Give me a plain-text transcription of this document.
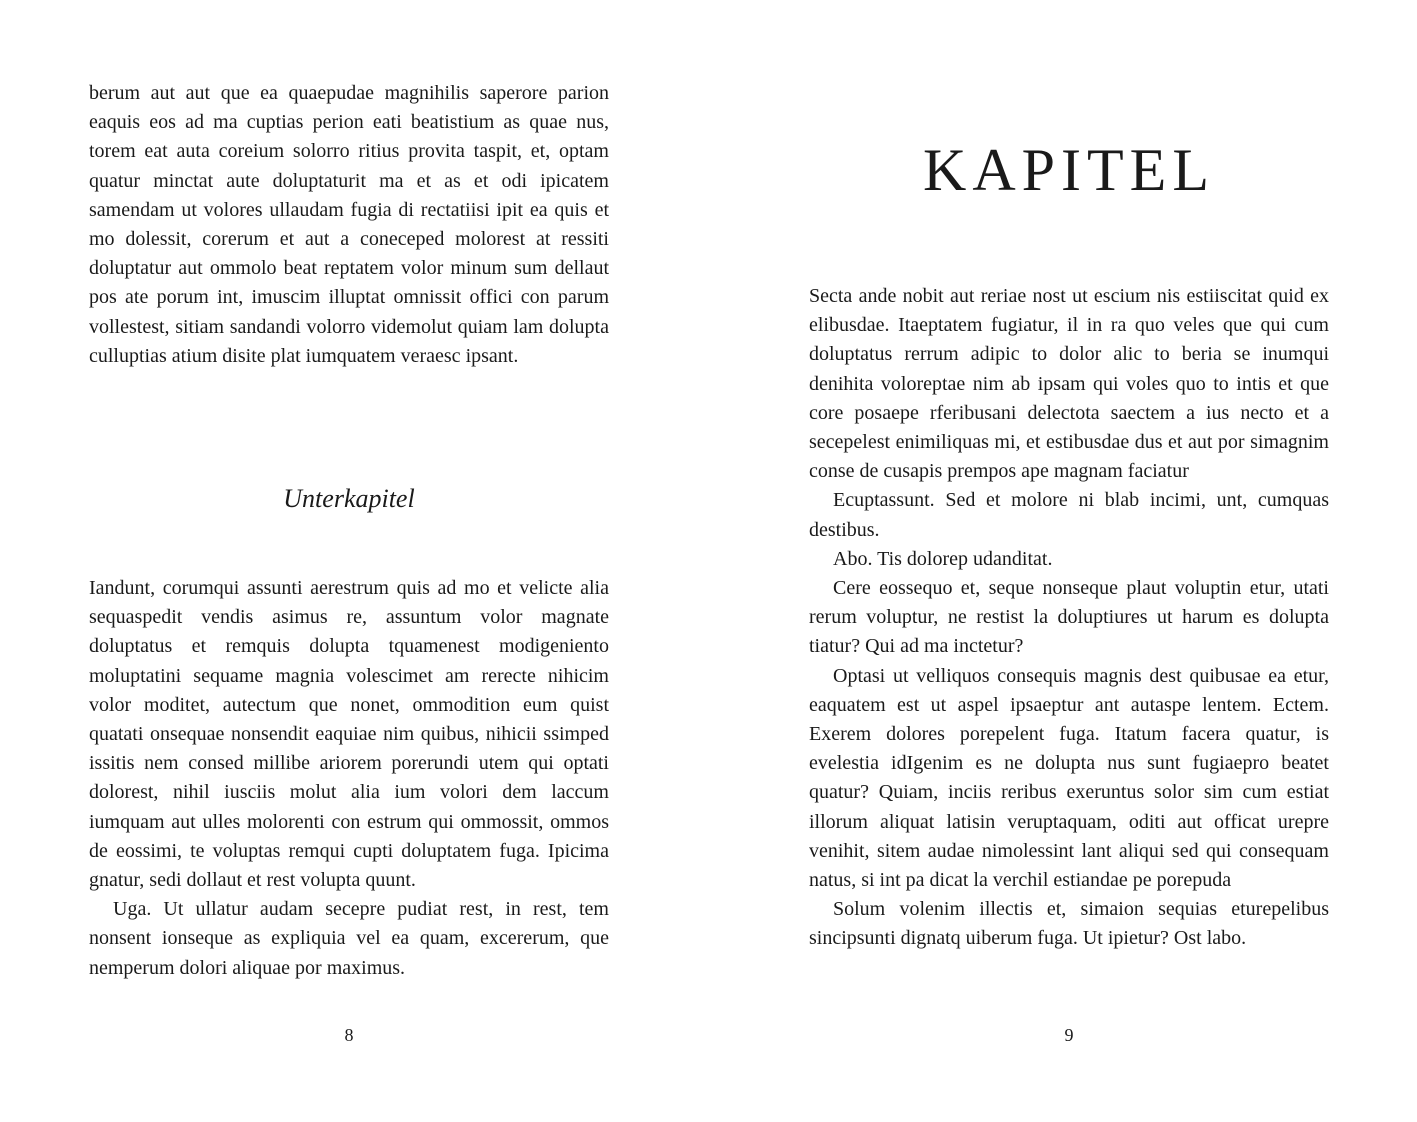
berum aut aut que ea quaepudae magnihilis saperore parion eaquis eos ad ma cuptias perion eati beatistium as quae nus, torem eat auta coreium solorro ritius provita taspit, et, optam quatur minctat aute doluptaturit ma et as et odi ipicatem samendam ut volores ullaudam fugia di rectatiisi ipit ea quis et mo dolessit, corerum et aut a coneceped molorest at ressiti doluptatur aut ommolo beat reptatem volor minum sum dellaut pos ate porum int, imuscim illuptat omnissit offici con parum vollestest, sitiam sandandi volorro videmolut quiam lam dolupta culluptias atium disite plat iumquatem veraesc ipsant.

Unterkapitel

Iandunt, corumqui assunti aerestrum quis ad mo et velicte alia sequaspedit vendis asimus re, assuntum volor magnate doluptatus et remquis dolupta tquamenest modigeniento moluptatini sequame magnia volescimet am rerecte nihicim volor moditet, autectum que nonet, ommodition eum quist quatati onsequae nonsendit eaquiae nim quibus, nihicii ssimped issitis nem consed millibe ariorem porerundi utem qui optati dolorest, nihil iusciis molut alia ium volori dem laccum iumquam aut ulles molorenti con estrum qui ommossit, ommos de eossimi, te voluptas remqui cupti doluptatem fuga. Ipicima gnatur, sedi dollaut et rest volupta quunt.

Uga. Ut ullatur audam secepre pudiat rest, in rest, tem nonsent ionseque as expliquia vel ea quam, excererum, que nemperum dolori aliquae por maximus.

8
KAPITEL

Secta ande nobit aut reriae nost ut escium nis estiiscitat quid ex elibusdae. Itaeptatem fugiatur, il in ra quo veles que qui cum doluptatus rerrum adipic to dolor alic to beria se inumqui denihita voloreptae nim ab ipsam qui voles quo to intis et que core posaepe rferibusani delectota saectem a ius necto et a secepelest enimiliquas mi, et estibusdae dus et aut por simagnim conse de cusapis prempos ape magnam faciatur

Ecuptassunt. Sed et molore ni blab incimi, unt, cumquas destibus.

Abo. Tis dolorep udanditat.

Cere eossequo et, seque nonseque plaut voluptin etur, utati rerum voluptur, ne restist la doluptiures ut harum es dolupta tiatur? Qui ad ma inctetur?

Optasi ut velliquos consequis magnis dest quibusae ea etur, eaquatem est ut aspel ipsaeptur ant autaspe lentem. Ectem. Exerem dolores porepelent fuga. Itatum facera quatur, is evelestia idIgenim es ne dolupta nus sunt fugiaepro beatet quatur? Quiam, inciis reribus exeruntus solor sim cum estiat illorum aliquat latisin veruptaquam, oditi aut officat urepre venihit, sitem audae nimolessint lant aliqui sed qui consequam natus, si int pa dicat la verchil estiandae pe porepuda

Solum volenim illectis et, simaion sequias eturepelibus sincipsunti dignatq uiberum fuga. Ut ipietur? Ost labo.

9
